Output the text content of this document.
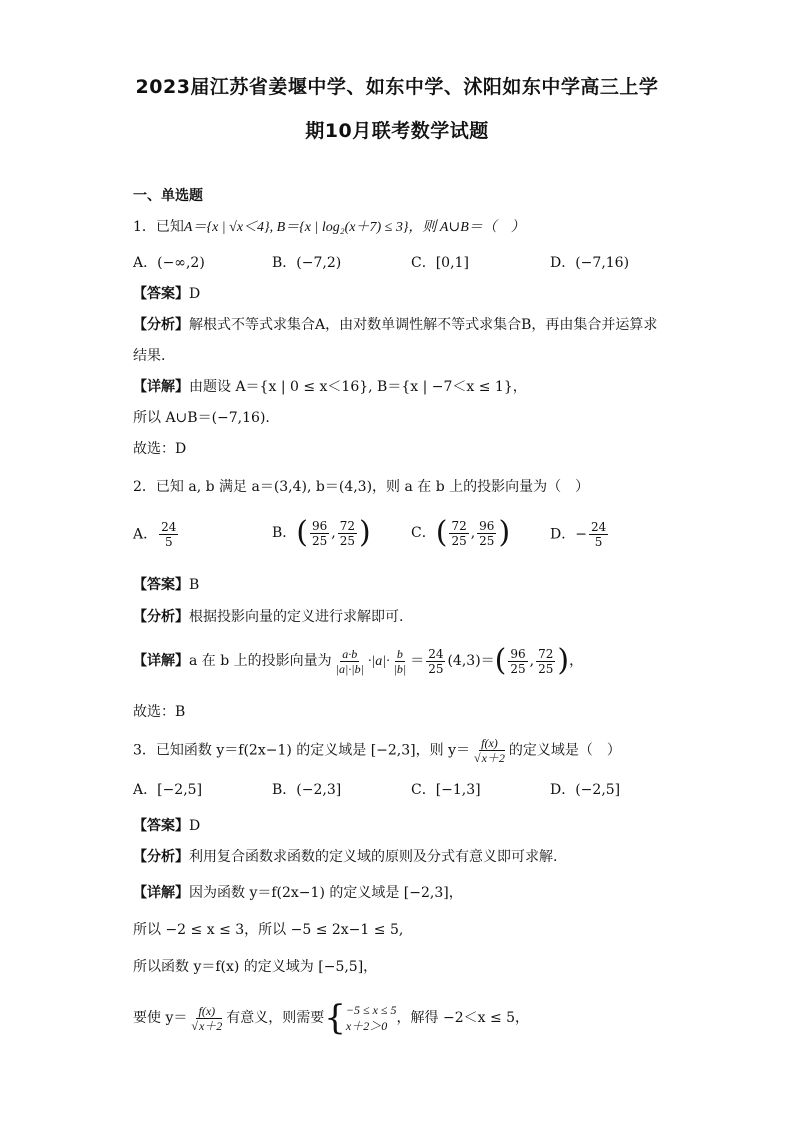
2023届江苏省姜堰中学、如东中学、沭阳如东中学高三上学
期10月联考数学试题
一、单选题
1．已知A＝{x | √x＜4}, B＝{x | log₂(x＋7) ≤ 3}，则 A∪B＝（　）
A．(−∞,2)	B．(−7,2)	C．[0,1]	D．(−7,16)
【答案】D
【分析】解根式不等式求集合A，由对数单调性解不等式求集合B，再由集合并运算求
结果.
【详解】由题设 A＝{x | 0 ≤ x＜16}, B＝{x | −7＜x ≤ 1}，
所以 A∪B＝(−7,16).
故选：D
2．已知 a, b 满足 a＝(3,4), b＝(4,3)，则 a 在 b 上的投影向量为（　）
A． $\frac{24}{5}$	B． ( $\frac{96}{25}$ , $\frac{72}{25}$ )	C． ( $\frac{72}{25}$ , $\frac{96}{25}$ )	D．− $\frac{24}{5}$
【答案】B
【分析】根据投影向量的定义进行求解即可.
【详解】a 在 b 上的投影向量为 $\frac{a\cdot b}{|a|\cdot|b|} \cdot|a|\cdot \frac{b}{|b|} = \frac{24}{25} (4,3)=$ ( $\frac{96}{25}$ , $\frac{72}{25}$ ) ，
故选：B
3．已知函数 y＝f(2x−1) 的定义域是 [−2,3]，则 $y= \frac{f(x)}{√x+2}$ 的定义域是（　）
A．[−2,5]	B．(−2,3]	C．[−1,3]	D．(−2,5]
【答案】D
【分析】利用复合函数求函数的定义域的原则及分式有意义即可求解.
【详解】因为函数 y＝f(2x−1) 的定义域是 [−2,3]，
所以 −2 ≤ x ≤ 3，所以 −5 ≤ 2x−1 ≤ 5,
所以函数 y＝f(x) 的定义域为 [−5,5]，
要使 $y= \frac{f(x)}{√x+2}$ 有意义，则需要 { −5 ≤ x ≤ 5
x＋2＞0 ，解得 −2＜x ≤ 5，
